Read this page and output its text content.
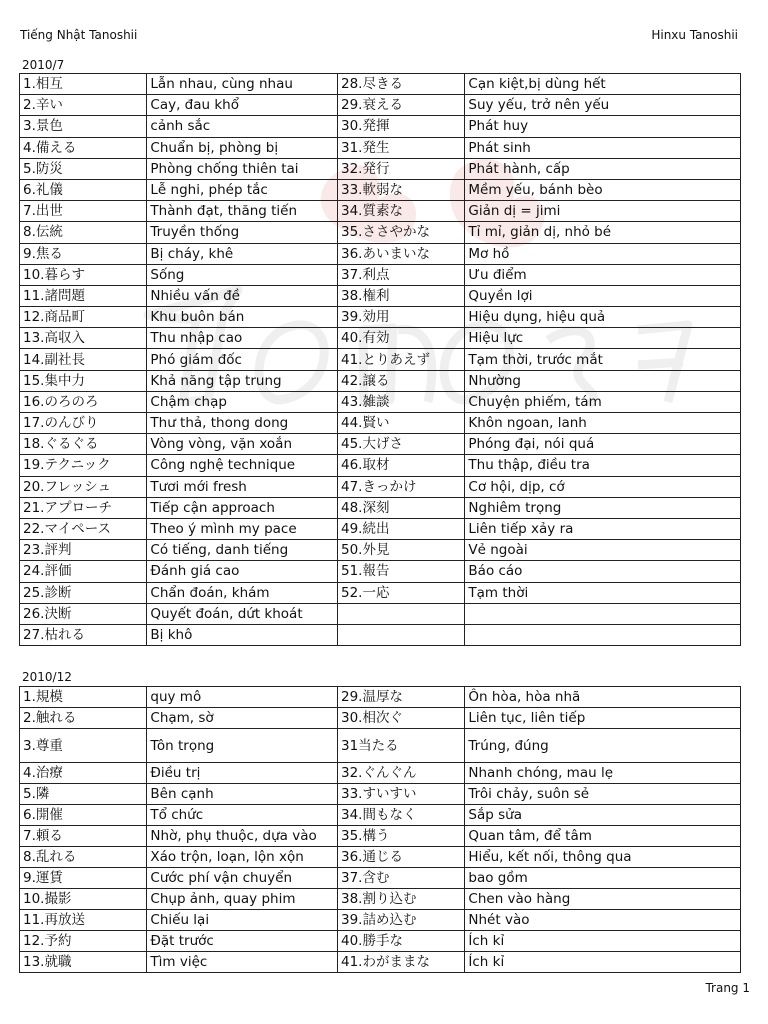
Tiếng Nhật Tanoshii	Hinxu Tanoshii
2010/7
1.相互	Lẫn nhau, cùng nhau	28.尽きる	Cạn kiệt,bị dùng hết
2.辛い	Cay, đau khổ	29.衰える	Suy yếu, trở nên yếu
3.景色	cảnh sắc	30.発揮	Phát huy
4.備える	Chuẩn bị, phòng bị	31.発生	Phát sinh
5.防災	Phòng chống thiên tai	32.発行	Phát hành, cấp
6.礼儀	Lễ nghi, phép tắc	33.軟弱な	Mềm yếu, bánh bèo
7.出世	Thành đạt, thăng tiến	34.質素な	Giản dị = jimi
8.伝統	Truyền thống	35.ささやかな	Tỉ mỉ, giản dị, nhỏ bé
9.焦る	Bị cháy, khê	36.あいまいな	Mơ hồ
10.暮らす	Sống	37.利点	Ưu điểm
11.諸問題	Nhiều vấn đề	38.権利	Quyền lợi
12.商品町	Khu buôn bán	39.効用	Hiệu dụng, hiệu quả
13.高収入	Thu nhập cao	40.有効	Hiệu lực
14.副社長	Phó giám đốc	41.とりあえず	Tạm thời, trước mắt
15.集中力	Khả năng tập trung	42.譲る	Nhường
16.のろのろ	Chậm chạp	43.雑談	Chuyện phiếm, tám
17.のんびり	Thư thả, thong dong	44.賢い	Khôn ngoan, lanh
18.ぐるぐる	Vòng vòng, vặn xoắn	45.大げさ	Phóng đại, nói quá
19.テクニック	Công nghệ technique	46.取材	Thu thập, điều tra
20.フレッシュ	Tươi mới fresh	47.きっかけ	Cơ hội, dịp, cớ
21.アプローチ	Tiếp cận approach	48.深刻	Nghiêm trọng
22.マイペース	Theo ý mình my pace	49.続出	Liên tiếp xảy ra
23.評判	Có tiếng, danh tiếng	50.外見	Vẻ ngoài
24.評価	Đánh giá cao	51.報告	Báo cáo
25.診断	Chẩn đoán, khám	52.一応	Tạm thời
26.決断	Quyết đoán, dứt khoát		
27.枯れる	Bị khô		
2010/12
1.規模	quy mô	29.温厚な	Ôn hòa, hòa nhã
2.触れる	Chạm, sờ	30.相次ぐ	Liên tục, liên tiếp
3.尊重	Tôn trọng	31当たる	Trúng, đúng
4.治療	Điều trị	32.ぐんぐん	Nhanh chóng, mau lẹ
5.隣	Bên cạnh	33.すいすい	Trôi chảy, suôn sẻ
6.開催	Tổ chức	34.間もなく	Sắp sửa
7.頼る	Nhờ, phụ thuộc, dựa vào	35.構う	Quan tâm, để tâm
8.乱れる	Xáo trộn, loạn, lộn xộn	36.通じる	Hiểu, kết nối, thông qua
9.運賃	Cước phí vận chuyển	37.含む	bao gồm
10.撮影	Chụp ảnh, quay phim	38.割り込む	Chen vào hàng
11.再放送	Chiếu lại	39.詰め込む	Nhét vào
12.予約	Đặt trước	40.勝手な	Ích kỉ
13.就職	Tìm việc	41.わがままな	Ích kỉ
Trang 1
